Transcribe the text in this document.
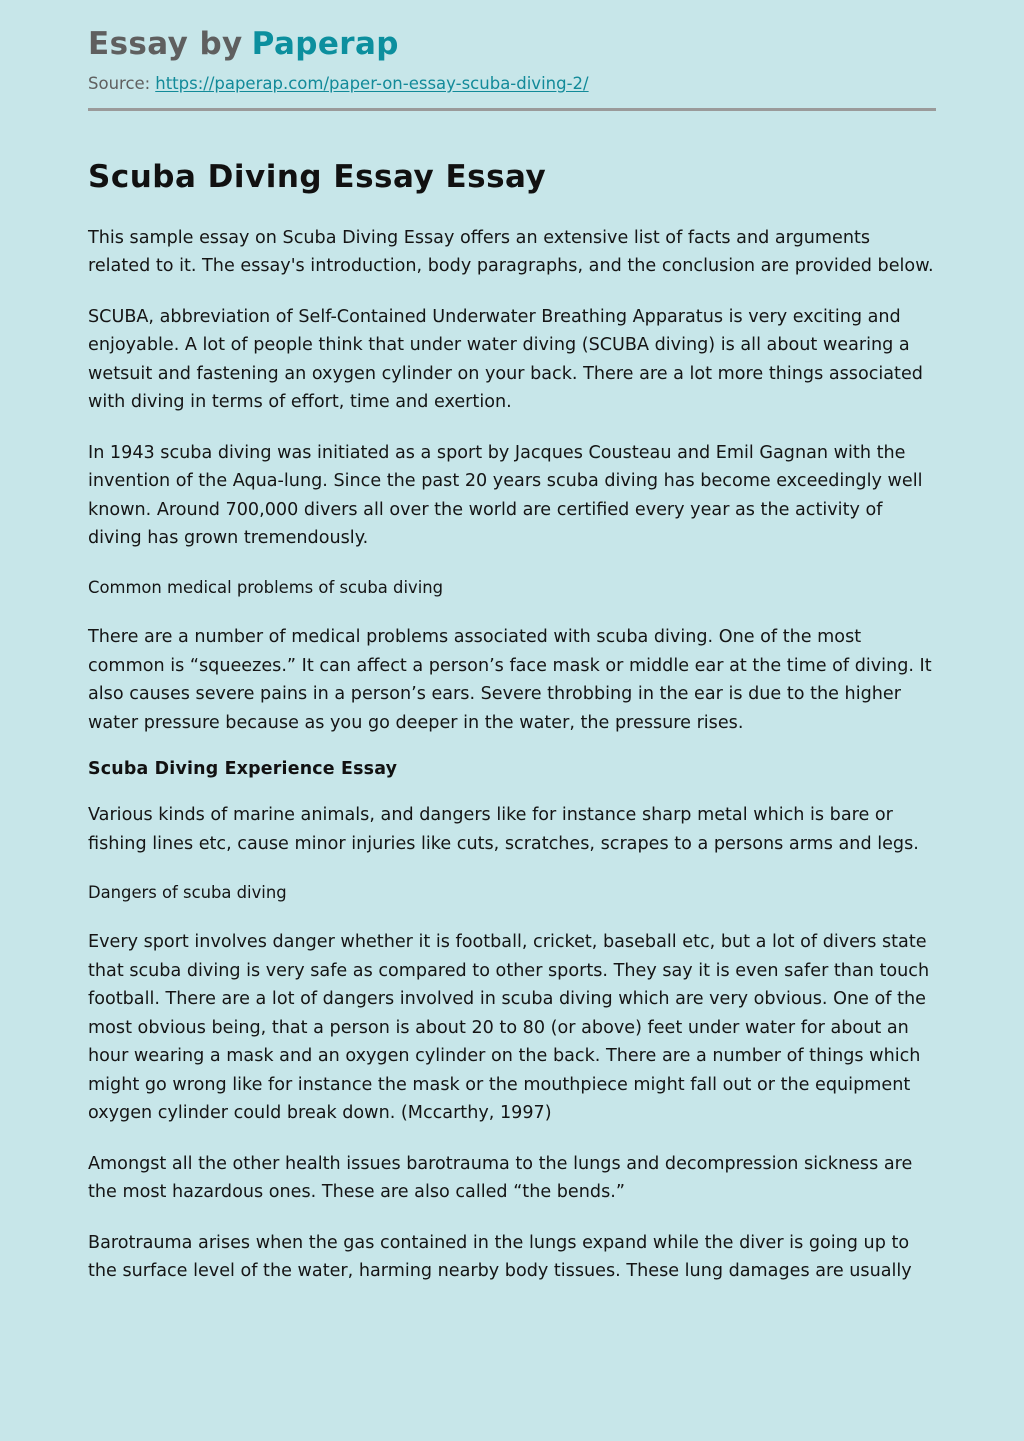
Essay by Paperap
Source: https://paperap.com/paper-on-essay-scuba-diving-2/
Scuba Diving Essay Essay

This sample essay on Scuba Diving Essay offers an extensive list of facts and arguments related to it. The essay's introduction, body paragraphs, and the conclusion are provided below.

SCUBA, abbreviation of Self-Contained Underwater Breathing Apparatus is very exciting and enjoyable. A lot of people think that under water diving (SCUBA diving) is all about wearing a wetsuit and fastening an oxygen cylinder on your back. There are a lot more things associated with diving in terms of effort, time and exertion.

In 1943 scuba diving was initiated as a sport by Jacques Cousteau and Emil Gagnan with the invention of the Aqua-lung. Since the past 20 years scuba diving has become exceedingly well known. Around 700,000 divers all over the world are certified every year as the activity of diving has grown tremendously.

Common medical problems of scuba diving

There are a number of medical problems associated with scuba diving. One of the most common is “squeezes.” It can affect a person’s face mask or middle ear at the time of diving. It also causes severe pains in a person’s ears. Severe throbbing in the ear is due to the higher water pressure because as you go deeper in the water, the pressure rises.

Scuba Diving Experience Essay

Various kinds of marine animals, and dangers like for instance sharp metal which is bare or fishing lines etc, cause minor injuries like cuts, scratches, scrapes to a persons arms and legs.

Dangers of scuba diving

Every sport involves danger whether it is football, cricket, baseball etc, but a lot of divers state that scuba diving is very safe as compared to other sports. They say it is even safer than touch football. There are a lot of dangers involved in scuba diving which are very obvious. One of the most obvious being, that a person is about 20 to 80 (or above) feet under water for about an hour wearing a mask and an oxygen cylinder on the back. There are a number of things which might go wrong like for instance the mask or the mouthpiece might fall out or the equipment oxygen cylinder could break down. (Mccarthy, 1997)

Amongst all the other health issues barotrauma to the lungs and decompression sickness are the most hazardous ones. These are also called “the bends.”

Barotrauma arises when the gas contained in the lungs expand while the diver is going up to the surface level of the water, harming nearby body tissues. These lung damages are usually
